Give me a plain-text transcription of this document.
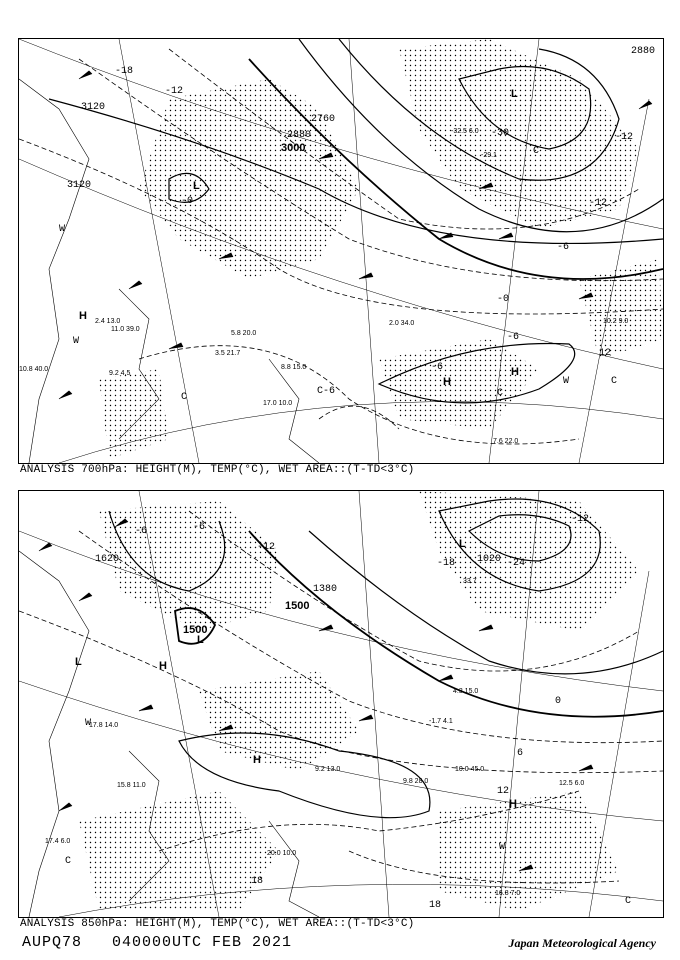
3120
3120
3000
2880
2880
2760
-12
-18
-30
-12
-6
-0
-6
12
-6
-0
-6
-12
L
L
H
H
H
W
W
W
C
C
C
C
C
2.4 13.0
10.8 40.0
11.0 39.0
3.5 21.7
5.8 20.0
8.8 15.0
2.0 34.0	10.2 9.0
7.6 22.0
9.2 4.5
17.0 10.0
-29.1
-32.5 6.0
ANALYSIS 700hPa: HEIGHT(M), TEMP(°C), WET AREA::(T-TD<3°C)
1620
1500
1500
1380
1020
-6
-12
-24
-18
-12
-6
0
6
12
18
18
L
L
L
H
H
H
W
W
C
C
10.0 45.0
9.8 28.0	12.5 6.0
16.8 7.0
17.8 14.0
15.8 11.0
20.0 10.0
-1.7 4.1
33.7
4.3 15.0
9.2 13.0
17.4 6.0
ANALYSIS 850hPa: HEIGHT(M), TEMP(°C), WET AREA::(T-TD<3°C)
AUPQ78   040000UTC FEB 2021	Japan Meteorological Agency
